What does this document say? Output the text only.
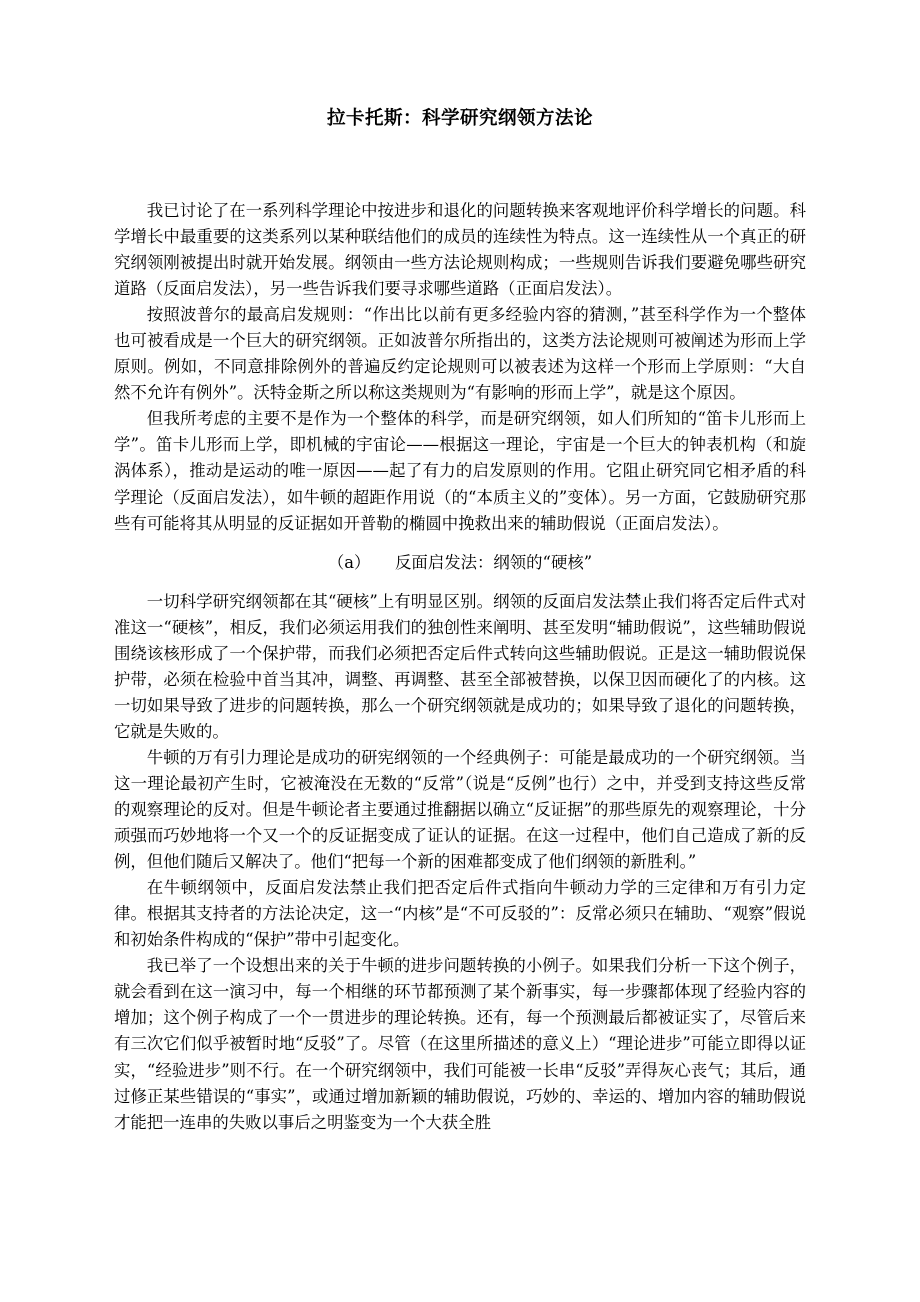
拉卡托斯：科学研究纲领方法论

我已讨论了在一系列科学理论中按进步和退化的问题转换来客观地评价科学增长的问题。科学增长中最重要的这类系列以某种联结他们的成员的连续性为特点。这一连续性从一个真正的研究纲领刚被提出时就开始发展。纲领由一些方法论规则构成；一些规则告诉我们要避免哪些研究道路（反面启发法），另一些告诉我们要寻求哪些道路（正面启发法）。

按照波普尔的最高启发规则：“作出比以前有更多经验内容的猜测，”甚至科学作为一个整体也可被看成是一个巨大的研究纲领。正如波普尔所指出的，这类方法论规则可被阐述为形而上学原则。例如，不同意排除例外的普遍反约定论规则可以被表述为这样一个形而上学原则：“大自然不允许有例外”。沃特金斯之所以称这类规则为“有影响的形而上学”，就是这个原因。

但我所考虑的主要不是作为一个整体的科学，而是研究纲领，如人们所知的“笛卡儿形而上学”。笛卡儿形而上学，即机械的宇宙论——根据这一理论，宇宙是一个巨大的钟表机构（和旋涡体系），推动是运动的唯一原因——起了有力的启发原则的作用。它阻止研究同它相矛盾的科学理论（反面启发法），如牛顿的超距作用说（的“本质主义的”变体）。另一方面，它鼓励研究那些有可能将其从明显的反证据如开普勒的椭圆中挽救出来的辅助假说（正面启发法）。

（a） 反面启发法：纲领的“硬核”

一切科学研究纲领都在其“硬核”上有明显区别。纲领的反面启发法禁止我们将否定后件式对准这一“硬核”，相反，我们必须运用我们的独创性来阐明、甚至发明“辅助假说”，这些辅助假说围绕该核形成了一个保护带，而我们必须把否定后件式转向这些辅助假说。正是这一辅助假说保护带，必须在检验中首当其冲，调整、再调整、甚至全部被替换，以保卫因而硬化了的内核。这一切如果导致了进步的问题转换，那么一个研究纲领就是成功的；如果导致了退化的问题转换，它就是失败的。

牛顿的万有引力理论是成功的研宪纲领的一个经典例子：可能是最成功的一个研究纲领。当这一理论最初产生时，它被淹没在无数的“反常”（说是“反例”也行）之中，并受到支持这些反常的观察理论的反对。但是牛顿论者主要通过推翻据以确立“反证据”的那些原先的观察理论，十分顽强而巧妙地将一个又一个的反证据变成了证认的证据。在这一过程中，他们自己造成了新的反例，但他们随后又解决了。他们“把每一个新的困难都变成了他们纲领的新胜利。”

在牛顿纲领中，反面启发法禁止我们把否定后件式指向牛顿动力学的三定律和万有引力定律。根据其支持者的方法论决定，这一“内核”是“不可反驳的”：反常必须只在辅助、“观察”假说和初始条件构成的“保护”带中引起变化。

我已举了一个设想出来的关于牛顿的进步问题转换的小例子。如果我们分析一下这个例子，就会看到在这一演习中，每一个相继的环节都预测了某个新事实，每一步骤都体现了经验内容的增加；这个例子构成了一个一贯进步的理论转换。还有，每一个预测最后都被证实了，尽管后来有三次它们似乎被暂时地“反驳”了。尽管（在这里所描述的意义上）“理论进步”可能立即得以证实，“经验进步”则不行。在一个研究纲领中，我们可能被一长串“反驳”弄得灰心丧气；其后，通过修正某些错误的“事实”，或通过增加新颖的辅助假说，巧妙的、幸运的、增加内容的辅助假说才能把一连串的失败以事后之明鉴变为一个大获全胜
